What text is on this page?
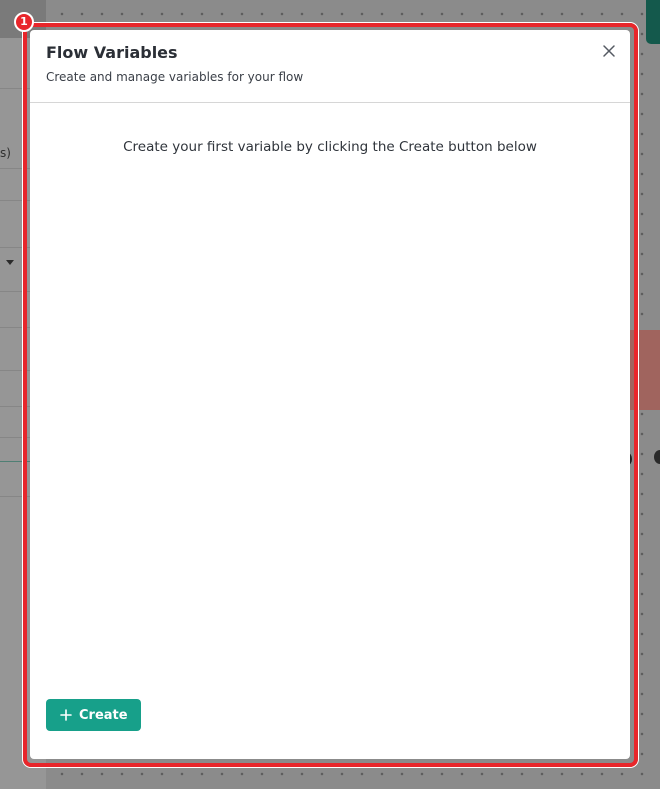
s)
1
Flow Variables
Create and manage variables for your flow
Create your first variable by clicking the Create button below
Create
